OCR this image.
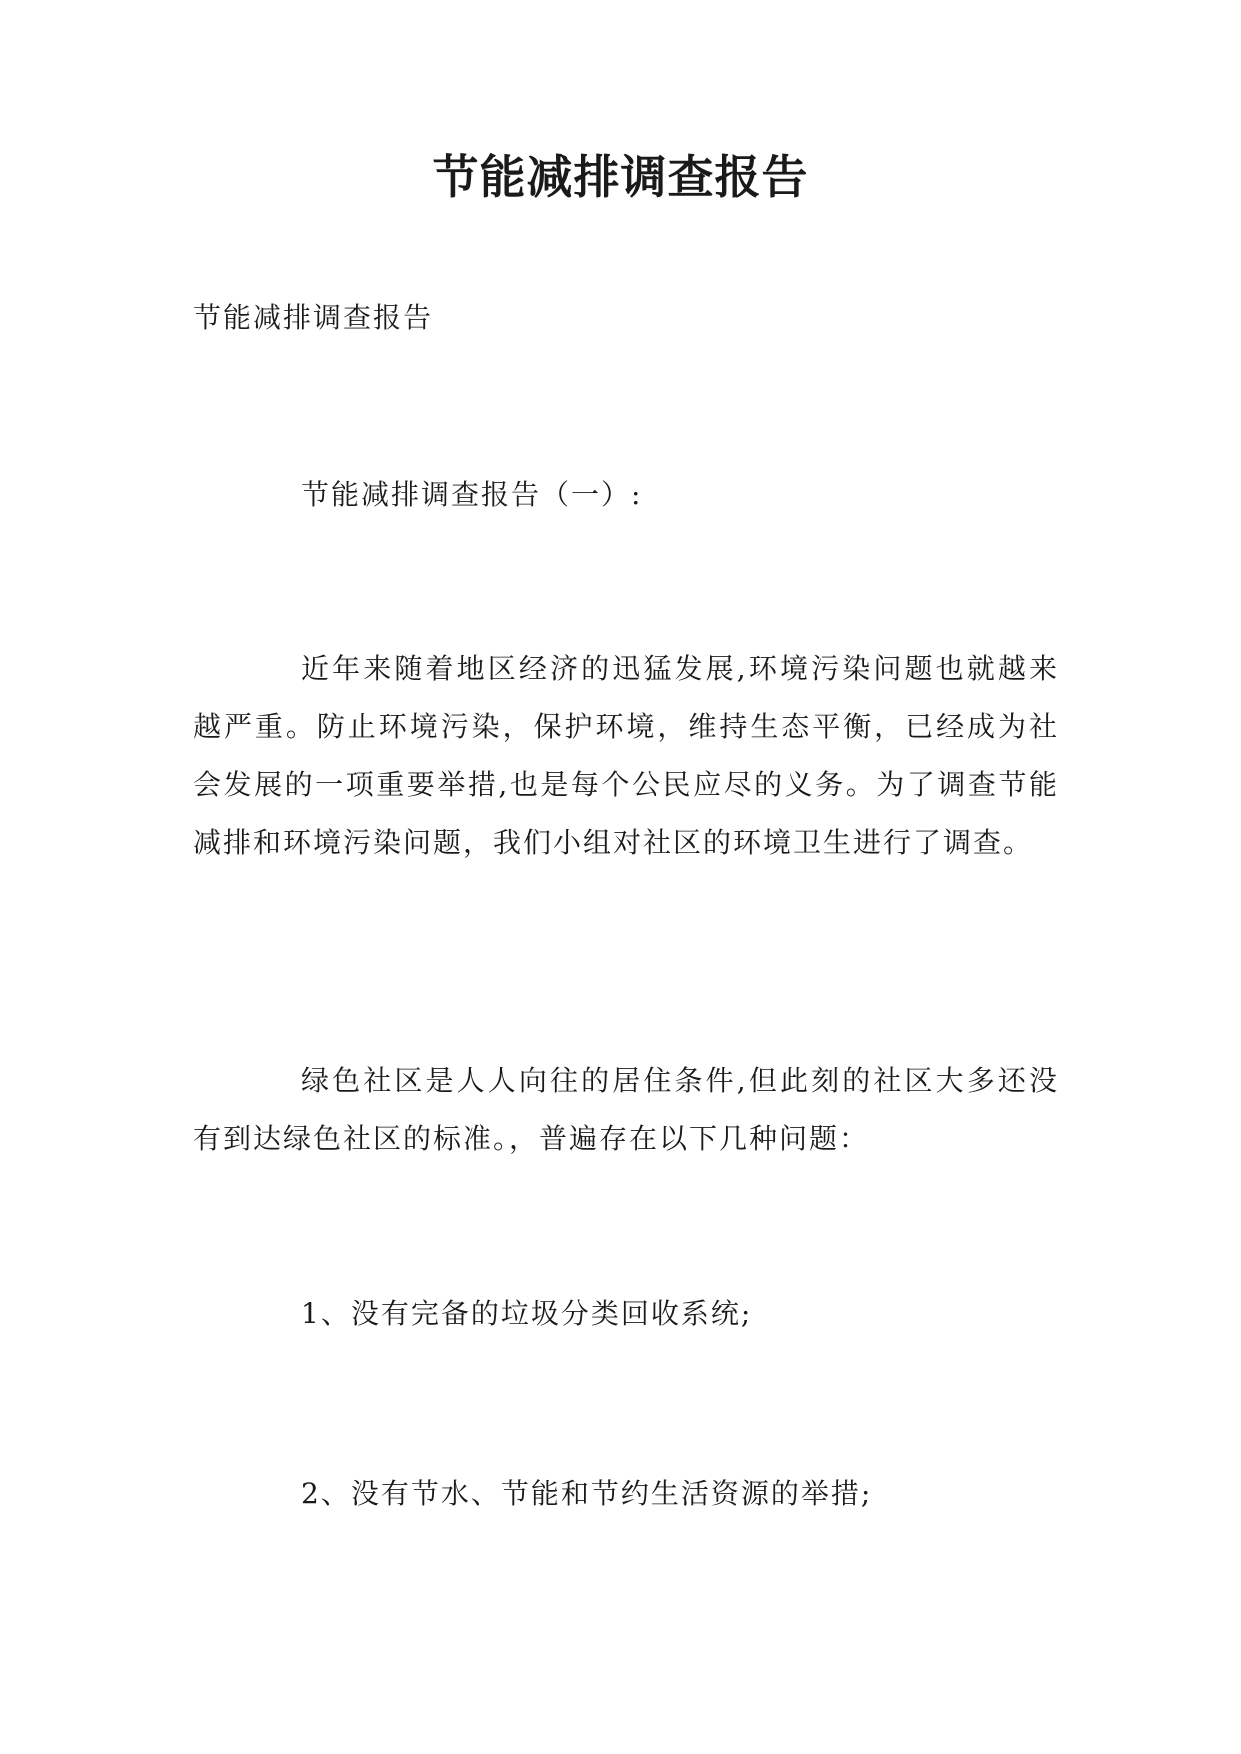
节能减排调查报告
节能减排调查报告

节能减排调查报告（一）:

近年来随着地区经济的迅猛发展,环境污染问题也就越来越严重。防止环境污染，保护环境，维持生态平衡，已经成为社会发展的一项重要举措,也是每个公民应尽的义务。为了调查节能减排和环境污染问题，我们小组对社区的环境卫生进行了调查。

绿色社区是人人向往的居住条件,但此刻的社区大多还没有到达绿色社区的标准。，普遍存在以下几种问题：

1、没有完备的垃圾分类回收系统;

2、没有节水、节能和节约生活资源的举措;
